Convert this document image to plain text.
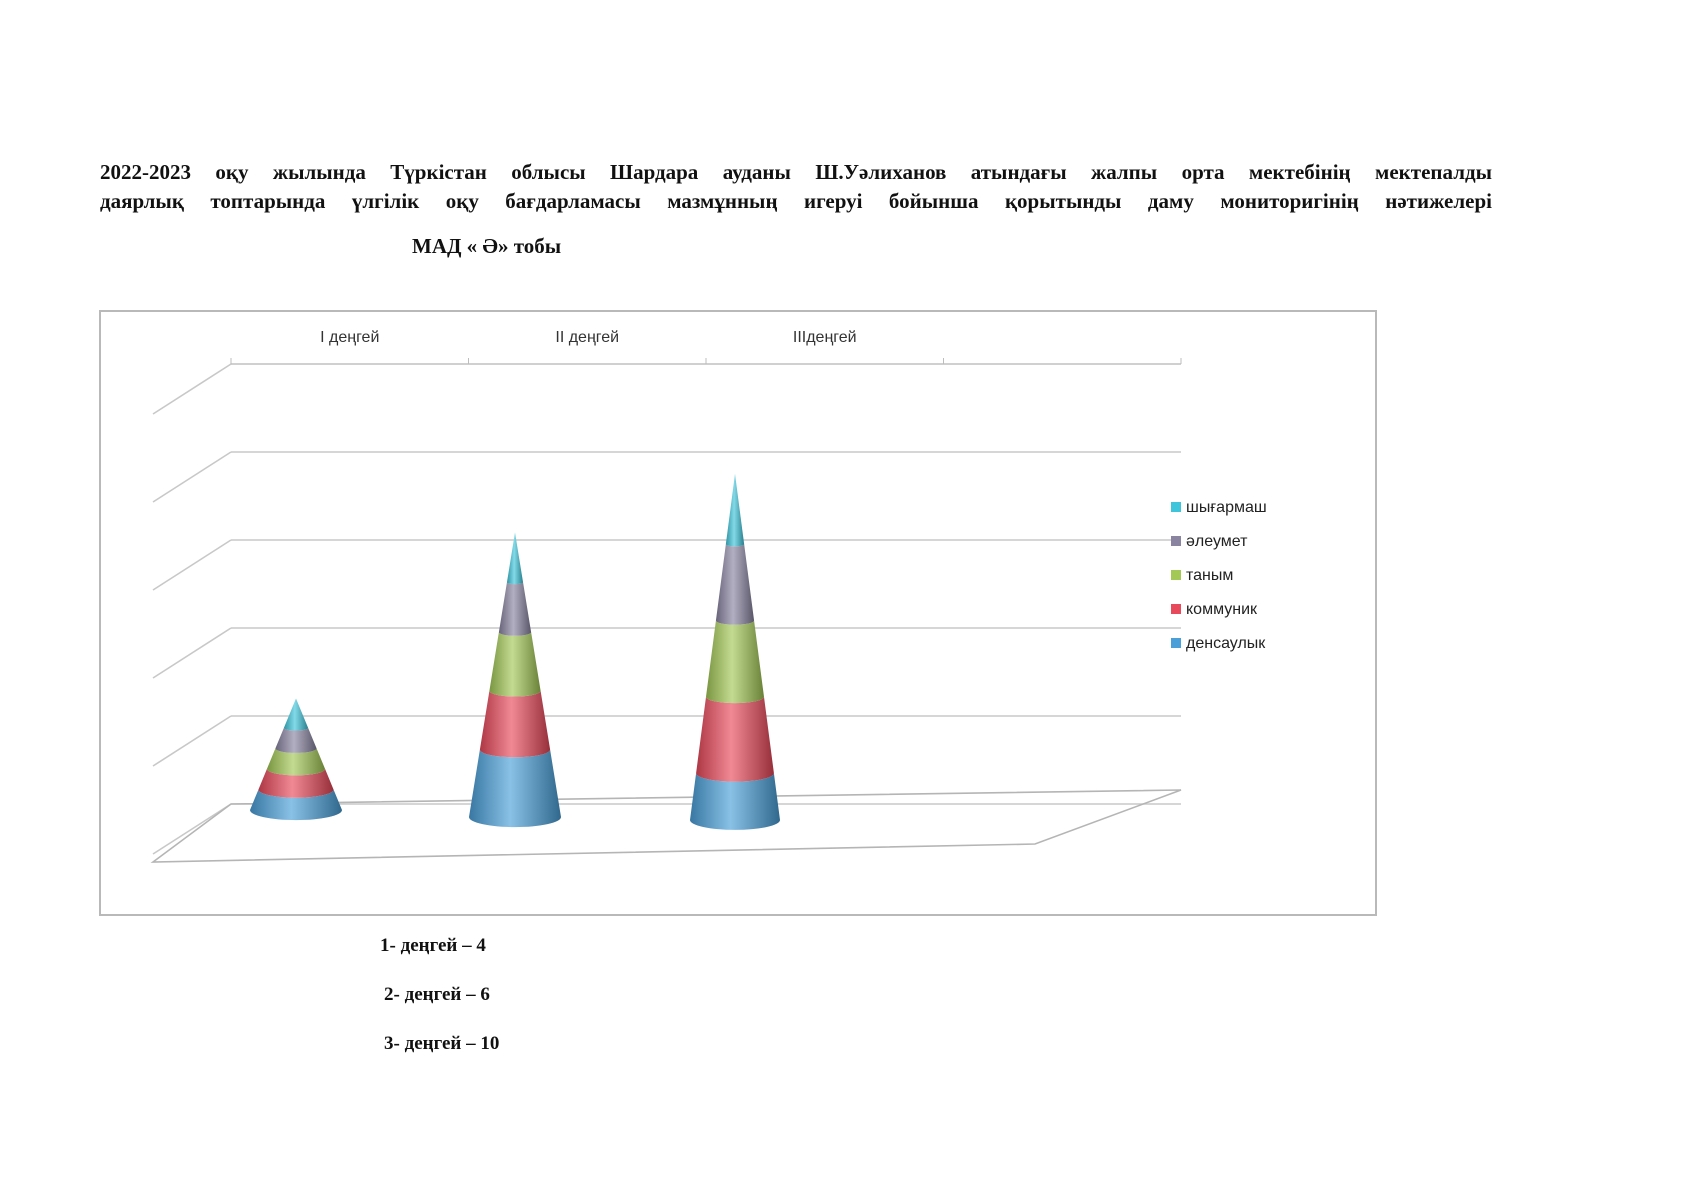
2022-2023 оқу жылында Түркістан облысы Шардара ауданы Ш.Уәлиханов атындағы жалпы орта мектебінің мектепалды
даярлық топтарында үлгілік оқу бағдарламасы мазмұнның игеруі бойынша қорытынды даму мониторигінің нәтижелері
МАД « Ә» тобы
I деңгей	II деңгей	IIIдеңгей
шығармаш
әлеумет
таным
коммуник
денсаулык
1- деңгей – 4
2- деңгей – 6
3- деңгей – 10
